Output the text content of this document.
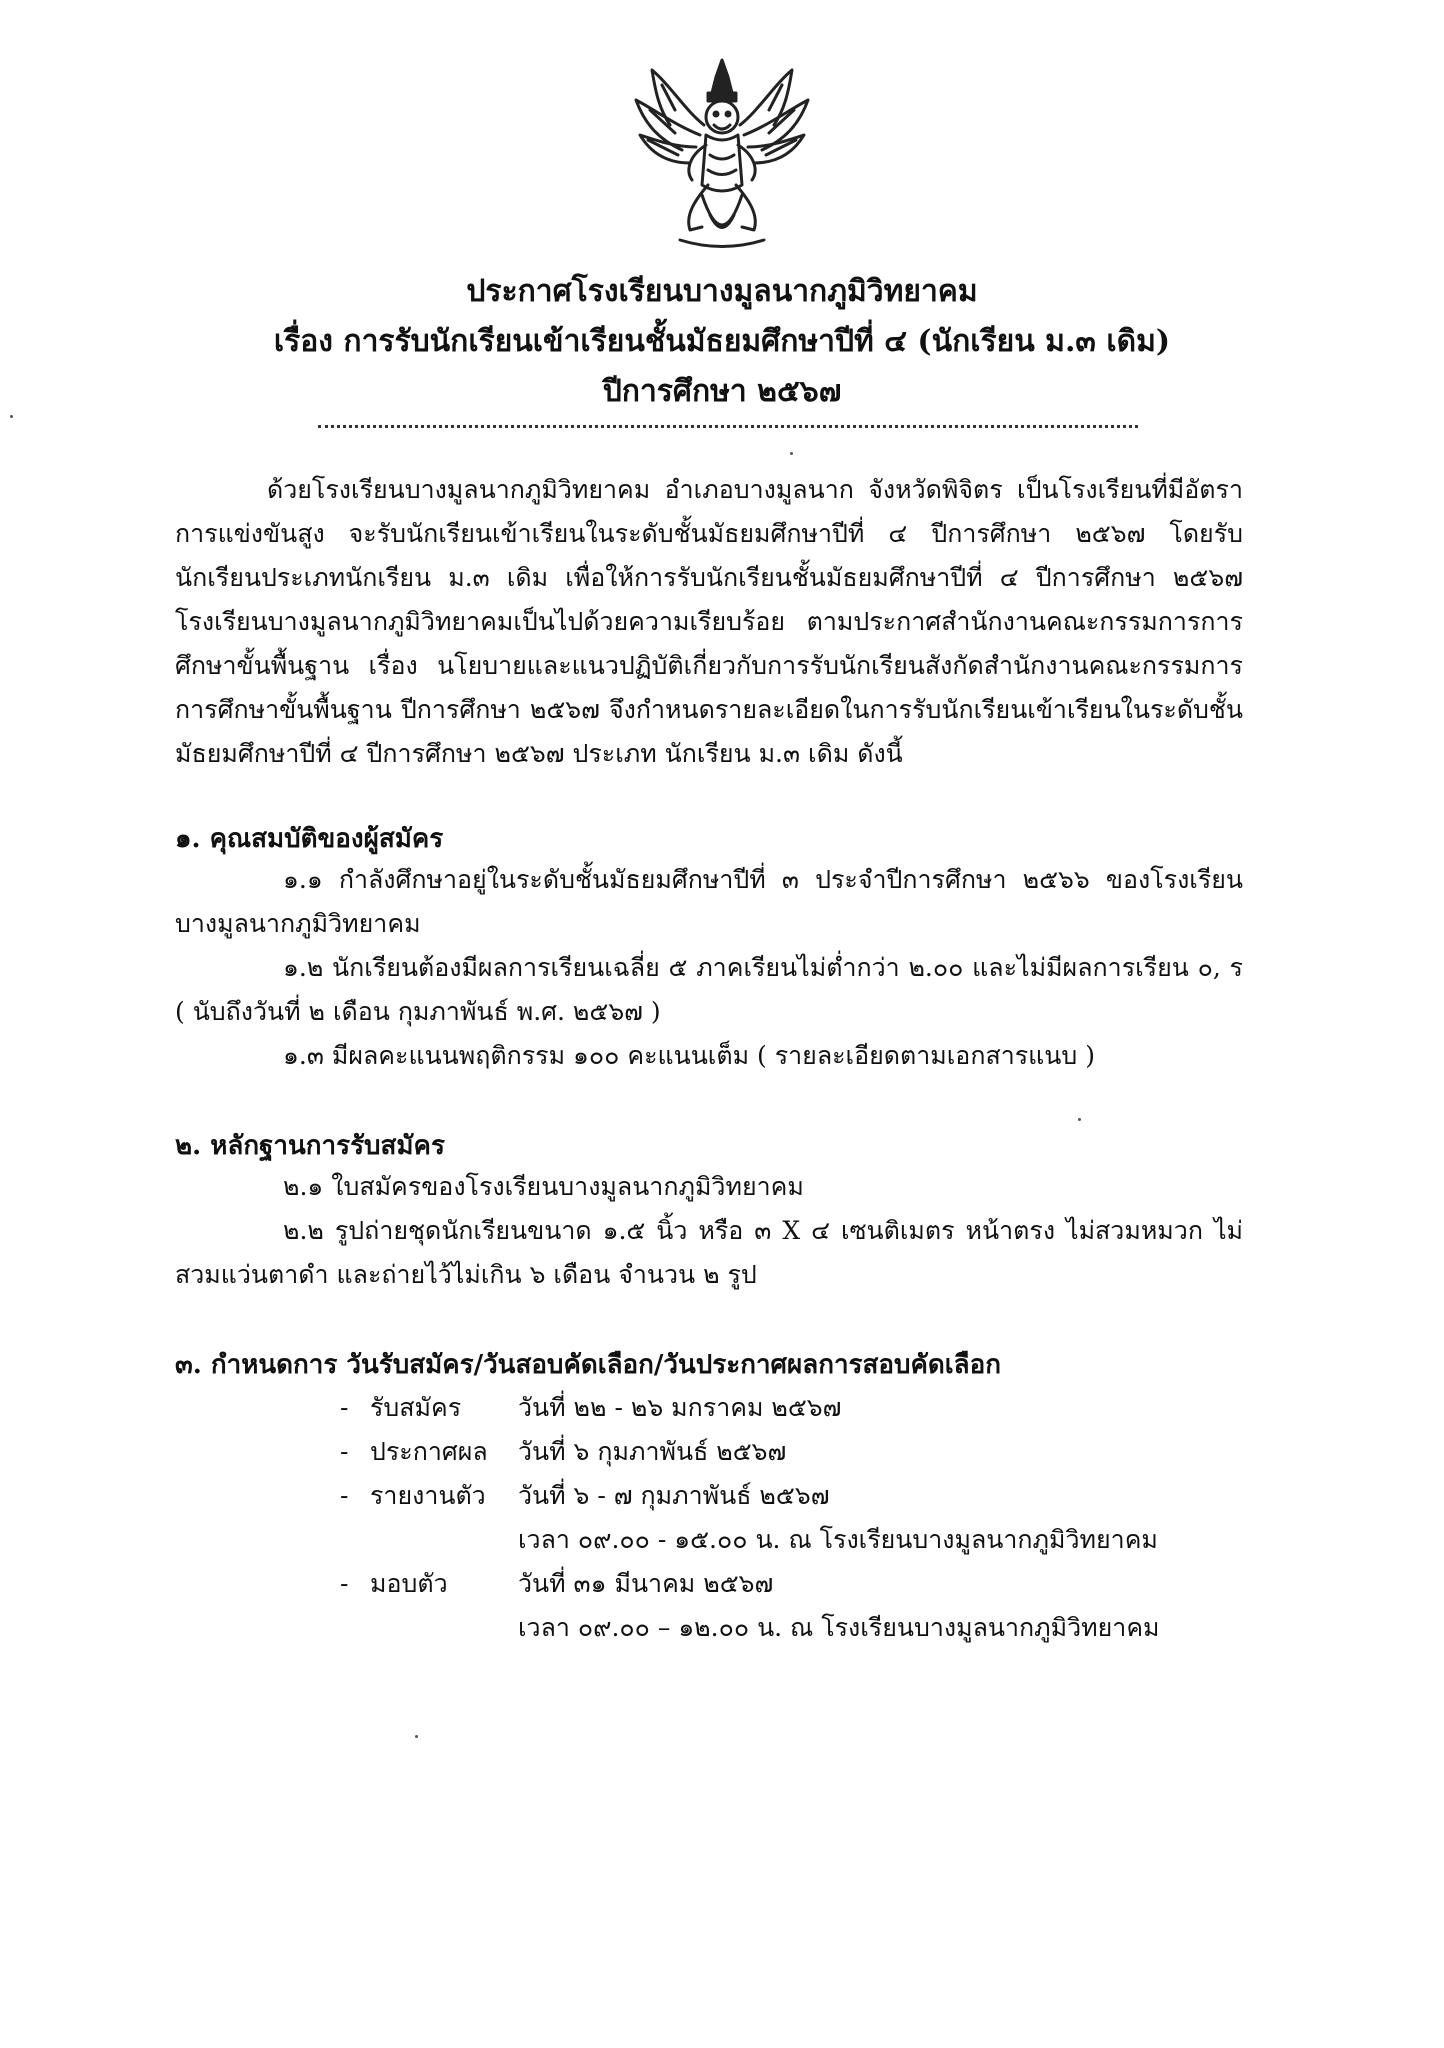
ประกาศโรงเรียนบางมูลนากภูมิวิทยาคม
เรื่อง การรับนักเรียนเข้าเรียนชั้นมัธยมศึกษาปีที่ ๔ (นักเรียน ม.๓ เดิม)
ปีการศึกษา ๒๕๖๗

ด้วยโรงเรียนบางมูลนากภูมิวิทยาคม อำเภอบางมูลนาก จังหวัดพิจิตร เป็นโรงเรียนที่มีอัตราการแข่งขันสูง จะรับนักเรียนเข้าเรียนในระดับชั้นมัธยมศึกษาปีที่ ๔ ปีการศึกษา ๒๕๖๗ โดยรับนักเรียนประเภทนักเรียน ม.๓ เดิม เพื่อให้การรับนักเรียนชั้นมัธยมศึกษาปีที่ ๔ ปีการศึกษา ๒๕๖๗ โรงเรียนบางมูลนากภูมิวิทยาคมเป็นไปด้วยความเรียบร้อย ตามประกาศสำนักงานคณะกรรมการการศึกษาขั้นพื้นฐาน เรื่อง นโยบายและแนวปฏิบัติเกี่ยวกับการรับนักเรียนสังกัดสำนักงานคณะกรรมการการศึกษาขั้นพื้นฐาน ปีการศึกษา ๒๕๖๗ จึงกำหนดรายละเอียดในการรับนักเรียนเข้าเรียนในระดับชั้นมัธยมศึกษาปีที่ ๔ ปีการศึกษา ๒๕๖๗ ประเภท นักเรียน ม.๓ เดิม ดังนี้

๑. คุณสมบัติของผู้สมัคร

๑.๑ กำลังศึกษาอยู่ในระดับชั้นมัธยมศึกษาปีที่ ๓ ประจำปีการศึกษา ๒๕๖๖ ของโรงเรียนบางมูลนากภูมิวิทยาคม

๑.๒ นักเรียนต้องมีผลการเรียนเฉลี่ย ๕ ภาคเรียนไม่ต่ำกว่า ๒.๐๐ และไม่มีผลการเรียน ๐, ร ( นับถึงวันที่ ๒ เดือน กุมภาพันธ์ พ.ศ. ๒๕๖๗ )

๑.๓ มีผลคะแนนพฤติกรรม ๑๐๐ คะแนนเต็ม ( รายละเอียดตามเอกสารแนบ )

๒. หลักฐานการรับสมัคร

๒.๑ ใบสมัครของโรงเรียนบางมูลนากภูมิวิทยาคม

๒.๒ รูปถ่ายชุดนักเรียนขนาด ๑.๕ นิ้ว หรือ ๓ X ๔ เซนติเมตร หน้าตรง ไม่สวมหมวก ไม่สวมแว่นตาดำ และถ่ายไว้ไม่เกิน ๖ เดือน จำนวน ๒ รูป

๓. กำหนดการ วันรับสมัคร/วันสอบคัดเลือก/วันประกาศผลการสอบคัดเลือก
- รับสมัคร	วันที่ ๒๒ - ๒๖ มกราคม ๒๕๖๗
- ประกาศผล	วันที่ ๖ กุมภาพันธ์ ๒๕๖๗
- รายงานตัว	วันที่ ๖ - ๗ กุมภาพันธ์ ๒๕๖๗
เวลา ๐๙.๐๐ - ๑๕.๐๐ น. ณ โรงเรียนบางมูลนากภูมิวิทยาคม
- มอบตัว	วันที่ ๓๑ มีนาคม ๒๕๖๗
เวลา ๐๙.๐๐ – ๑๒.๐๐ น. ณ โรงเรียนบางมูลนากภูมิวิทยาคม
